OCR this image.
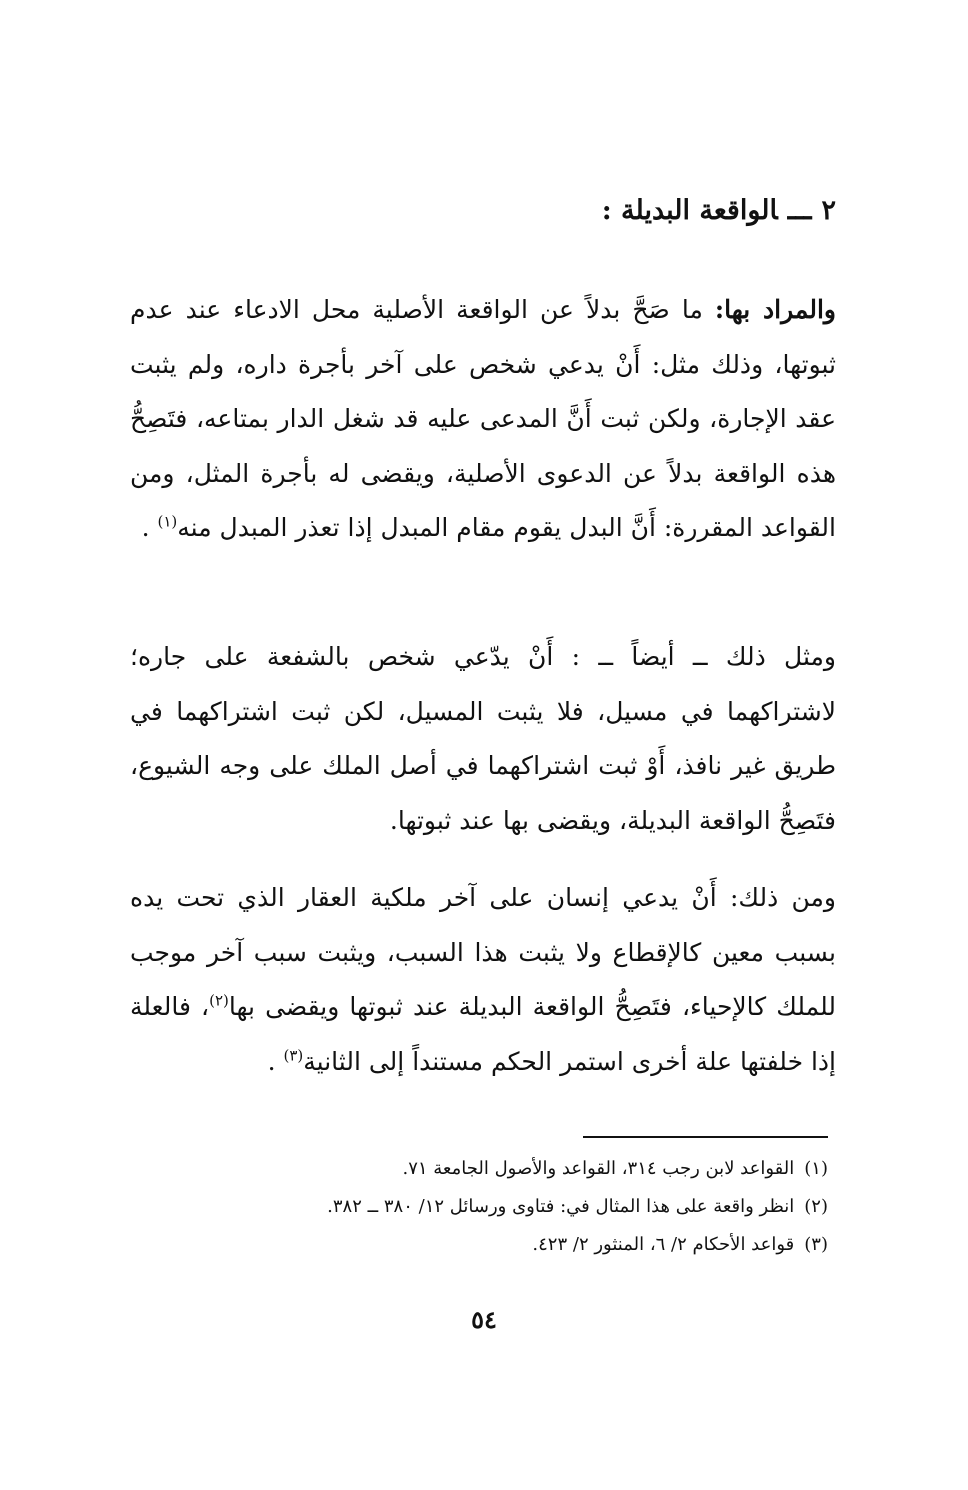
٢ـــالواقعة البديلة :

والمراد بها: ما صَحَّ بدلاً عن الواقعة الأصلية محل الادعاء عند عدم ثبوتها، وذلك مثل: أَنْ يدعي شخص على آخر بأجرة داره، ولم يثبت عقد الإجارة، ولكن ثبت أَنَّ المدعى عليه قد شغل الدار بمتاعه، فتَصِحُّ هذه الواقعة بدلاً عن الدعوى الأصلية، ويقضى له بأجرة المثل، ومن القواعد المقررة: أَنَّ البدل يقوم مقام المبدل إذا تعذر المبدل منه$^{(١)}$ .

ومثل ذلك ــ أيضاً ــ : أَنْ يدّعي شخص بالشفعة على جاره؛ لاشتراكهما في مسيل، فلا يثبت المسيل، لكن ثبت اشتراكهما في طريق غير نافذ، أَوْ ثبت اشتراكهما في أصل الملك على وجه الشيوع، فتَصِحُّ الواقعة البديلة، ويقضى بها عند ثبوتها.

ومن ذلك: أَنْ يدعي إنسان على آخر ملكية العقار الذي تحت يده بسبب معين كالإقطاع ولا يثبت هذا السبب، ويثبت سبب آخر موجب للملك كالإحياء، فتَصِحُّ الواقعة البديلة عند ثبوتها ويقضى بها$^{(٢)}$، فالعلة إذا خلفتها علة أخرى استمر الحكم مستنداً إلى الثانية$^{(٣)}$ .

(١)القواعد لابن رجب ٣١٤، القواعد والأصول الجامعة ٧١.
(٢)انظر واقعة على هذا المثال في: فتاوى ورسائل ١٢/ ٣٨٠ ــ ٣٨٢.
(٣)قواعد الأحكام ٢/ ٦، المنثور ٢/ ٤٢٣.
٥٤
